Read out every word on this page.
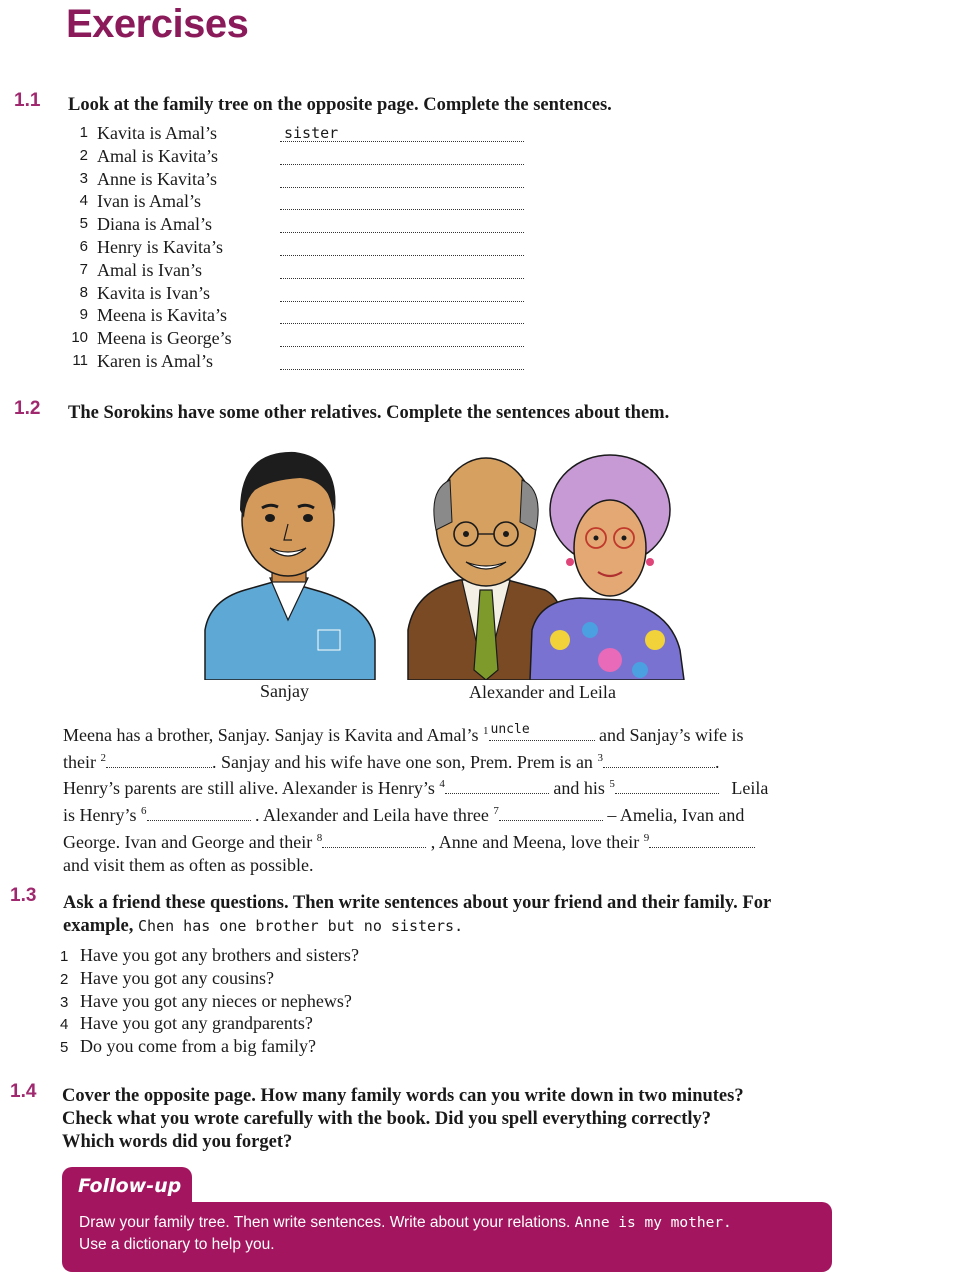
Exercises
1.1 Look at the family tree on the opposite page. Complete the sentences.
1 Kavita is Amal’s	sister
2 Amal is Kavita’s
3 Anne is Kavita’s
4 Ivan is Amal’s
5 Diana is Amal’s
6 Henry is Kavita’s
7 Amal is Ivan’s
8 Kavita is Ivan’s
9 Meena is Kavita’s
10 Meena is George’s
11 Karen is Amal’s
1.2 The Sorokins have some other relatives. Complete the sentences about them.
Sanjay	Alexander and Leila
Meena has a brother, Sanjay. Sanjay is Kavita and Amal’s $^1$ uncle	and Sanjay’s wife is
their $^2$	. Sanjay and his wife have one son, Prem. Prem is an $^3$	.
Henry’s parents are still alive. Alexander is Henry’s $^4$	and his $^5$	Leila
is Henry’s $^6$	. Alexander and Leila have three $^7$	– Amelia, Ivan and
George. Ivan and George and their $^8$	, Anne and Meena, love their $^9$
and visit them as often as possible.
1.3 Ask a friend these questions. Then write sentences about your friend and their family. For
example, Chen has one brother but no sisters.
1 Have you got any brothers and sisters?
2 Have you got any cousins?
3 Have you got any nieces or nephews?
4 Have you got any grandparents?
5 Do you come from a big family?
1.4 Cover the opposite page. How many family words can you write down in two minutes?
Check what you wrote carefully with the book. Did you spell everything correctly?
Which words did you forget?
Follow-up
Draw your family tree. Then write sentences. Write about your relations. Anne is my mother.
Use a dictionary to help you.
